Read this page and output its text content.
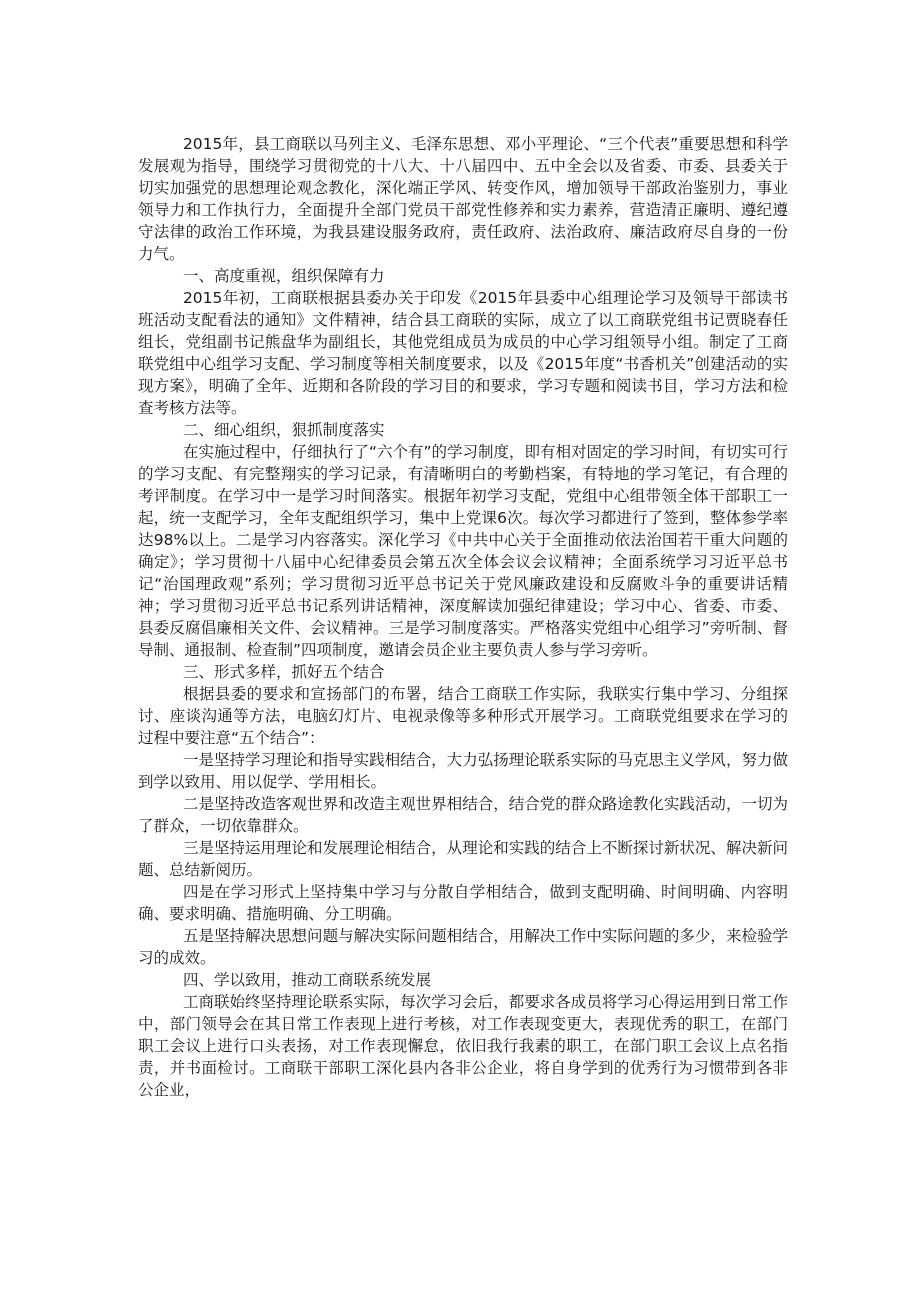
2015年，县工商联以马列主义、毛泽东思想、邓小平理论、“三个代表”重要思想和科学发展观为指导，围绕学习贯彻党的十八大、十八届四中、五中全会以及省委、市委、县委关于切实加强党的思想理论观念教化，深化端正学风、转变作风，增加领导干部政治鉴别力，事业领导力和工作执行力，全面提升全部门党员干部党性修养和实力素养，营造清正廉明、遵纪遵守法律的政治工作环境，为我县建设服务政府，责任政府、法治政府、廉洁政府尽自身的一份力气。

一、高度重视，组织保障有力

2015年初，工商联根据县委办关于印发《2015年县委中心组理论学习及领导干部读书班活动支配看法的通知》文件精神，结合县工商联的实际，成立了以工商联党组书记贾晓春任组长，党组副书记熊盘华为副组长，其他党组成员为成员的中心学习组领导小组。制定了工商联党组中心组学习支配、学习制度等相关制度要求，以及《2015年度“书香机关”创建活动的实现方案》，明确了全年、近期和各阶段的学习目的和要求，学习专题和阅读书目，学习方法和检查考核方法等。

二、细心组织，狠抓制度落实

在实施过程中，仔细执行了“六个有”的学习制度，即有相对固定的学习时间，有切实可行的学习支配、有完整翔实的学习记录，有清晰明白的考勤档案，有特地的学习笔记，有合理的考评制度。在学习中一是学习时间落实。根据年初学习支配，党组中心组带领全体干部职工一起，统一支配学习，全年支配组织学习，集中上党课6次。每次学习都进行了签到，整体参学率达98%以上。二是学习内容落实。深化学习《中共中心关于全面推动依法治国若干重大问题的确定》；学习贯彻十八届中心纪律委员会第五次全体会议会议精神；全面系统学习习近平总书记“治国理政观”系列；学习贯彻习近平总书记关于党风廉政建设和反腐败斗争的重要讲话精神；学习贯彻习近平总书记系列讲话精神，深度解读加强纪律建设；学习中心、省委、市委、县委反腐倡廉相关文件、会议精神。三是学习制度落实。严格落实党组中心组学习”旁听制、督导制、通报制、检查制”四项制度，邀请会员企业主要负责人参与学习旁听。

三、形式多样，抓好五个结合

根据县委的要求和宣扬部门的布署，结合工商联工作实际，我联实行集中学习、分组探讨、座谈沟通等方法，电脑幻灯片、电视录像等多种形式开展学习。工商联党组要求在学习的过程中要注意“五个结合”：

一是坚持学习理论和指导实践相结合，大力弘扬理论联系实际的马克思主义学风，努力做到学以致用、用以促学、学用相长。

二是坚持改造客观世界和改造主观世界相结合，结合党的群众路途教化实践活动，一切为了群众，一切依靠群众。

三是坚持运用理论和发展理论相结合，从理论和实践的结合上不断探讨新状况、解决新问题、总结新阅历。

四是在学习形式上坚持集中学习与分散自学相结合，做到支配明确、时间明确、内容明确、要求明确、措施明确、分工明确。

五是坚持解决思想问题与解决实际问题相结合，用解决工作中实际问题的多少，来检验学习的成效。

四、学以致用，推动工商联系统发展

工商联始终坚持理论联系实际，每次学习会后，都要求各成员将学习心得运用到日常工作中，部门领导会在其日常工作表现上进行考核，对工作表现变更大，表现优秀的职工，在部门职工会议上进行口头表扬，对工作表现懈怠，依旧我行我素的职工，在部门职工会议上点名指责，并书面检讨。工商联干部职工深化县内各非公企业，将自身学到的优秀行为习惯带到各非公企业，
